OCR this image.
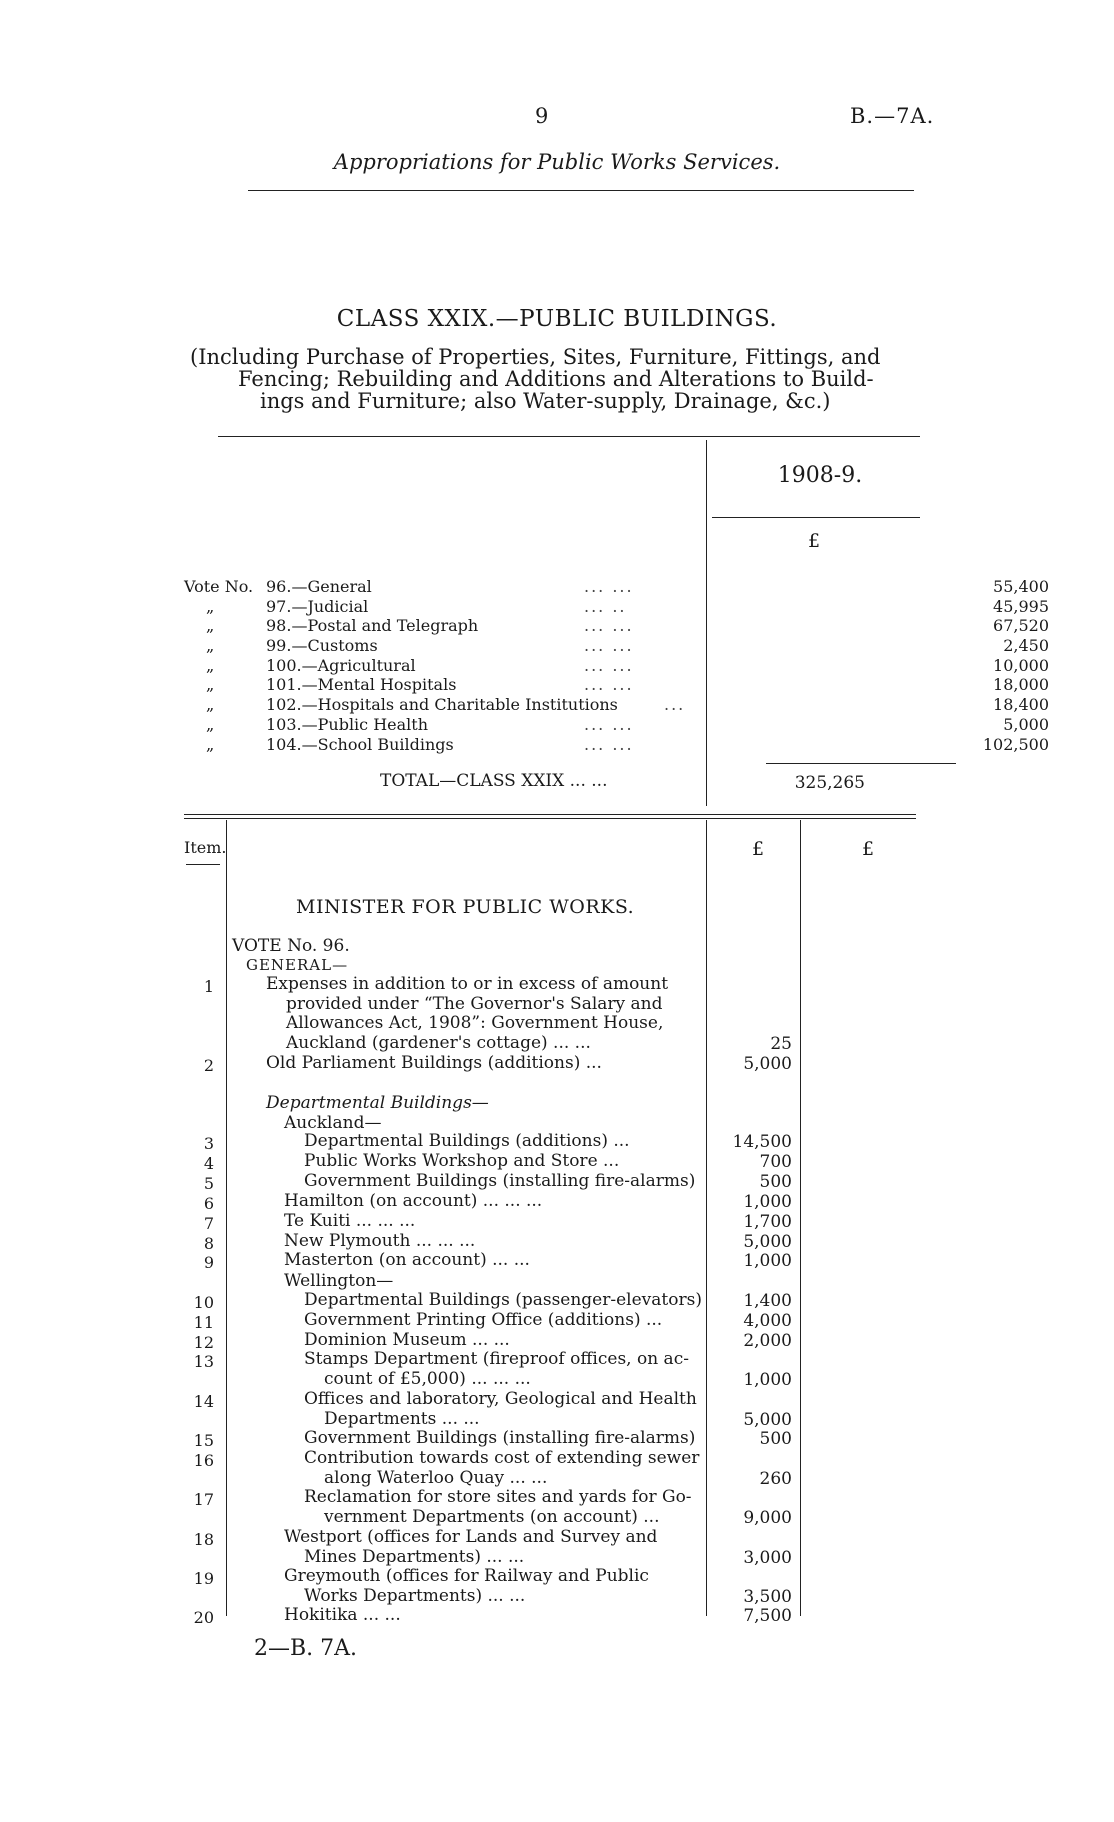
9	B.—7A.
Appropriations for Public Works Services.
CLASS XXIX.—PUBLIC BUILDINGS.
(Including Purchase of Properties, Sites, Furniture, Fittings, and
Fencing; Rebuilding and Additions and Alterations to Build-
ings and Furniture; also Water-supply, Drainage, &c.)
1908-9.
£
Vote No. 96.—General	... ...	55,400
„	97.—Judicial	... ..	45,995
„	98.—Postal and Telegraph	... ...	67,520
„	99.—Customs	... ...	2,450
„	100.—Agricultural	... ...	10,000
„	101.—Mental Hospitals	... ...	18,000
„	102.—Hospitals and Charitable Institutions	...	18,400
„	103.—Public Health	... ...	5,000
„	104.—School Buildings	... ...	102,500
TOTAL—CLASS XXIX ... ...	325,265
Item.	£	£
MINISTER FOR PUBLIC WORKS.
VOTE No. 96.
GENERAL—
1	Expenses in addition to or in excess of amount
provided under “The Governor's Salary and
Allowances Act, 1908”: Government House,
Auckland (gardener's cottage) ... ...	25
2	Old Parliament Buildings (additions) ...	5,000
Departmental Buildings—
Auckland—
3	Departmental Buildings (additions) ...	14,500
4	Public Works Workshop and Store ...	700
5	Government Buildings (installing fire-alarms)	500
6	Hamilton (on account) ... ... ...	1,000
7	Te Kuiti ... ... ...	1,700
8	New Plymouth ... ... ...	5,000
9	Masterton (on account) ... ...	1,000
Wellington—
10	Departmental Buildings (passenger-elevators)	1,400
11	Government Printing Office (additions) ...	4,000
12	Dominion Museum ... ...	2,000
13	Stamps Department (fireproof offices, on ac-
count of £5,000) ... ... ...	1,000
14	Offices and laboratory, Geological and Health
Departments ... ...	5,000
15	Government Buildings (installing fire-alarms)	500
16	Contribution towards cost of extending sewer
along Waterloo Quay ... ...	260
17	Reclamation for store sites and yards for Go-
vernment Departments (on account) ...	9,000
18	Westport (offices for Lands and Survey and
Mines Departments) ... ...	3,000
19	Greymouth (offices for Railway and Public
Works Departments) ... ...	3,500
20	Hokitika ... ...	7,500
2—B. 7A.
